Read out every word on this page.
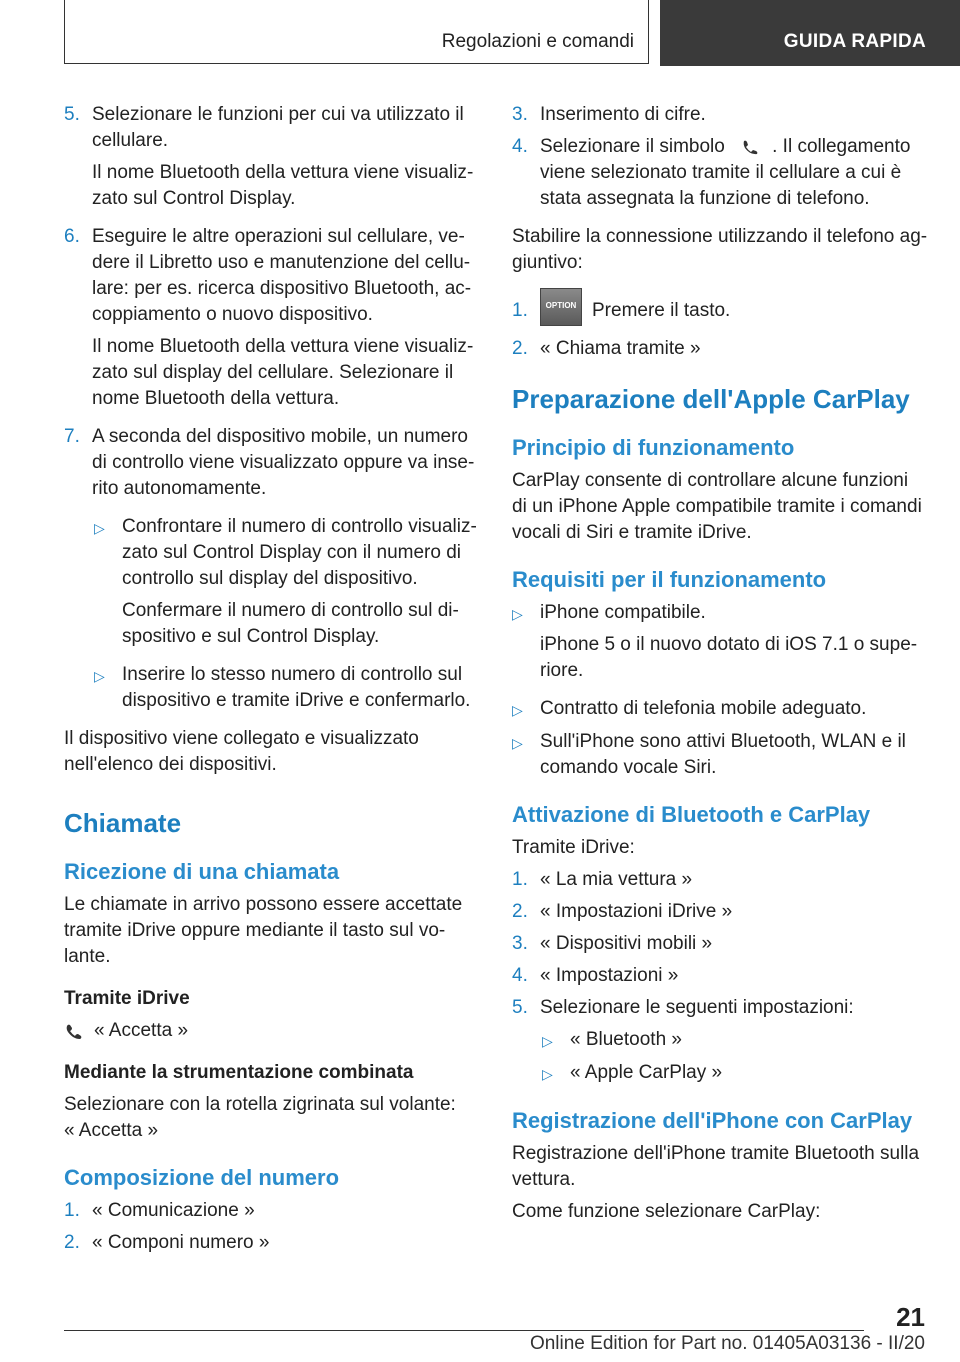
Regolazioni e comandi	GUIDA RAPIDA
5. Selezionare le funzioni per cui va utilizzato il cellulare.

Il nome Bluetooth della vettura viene visualizzato sul Control Display.

6. Eseguire le altre operazioni sul cellulare, vedere il Libretto uso e manutenzione del cellulare: per es. ricerca dispositivo Bluetooth, accoppiamento o nuovo dispositivo.

Il nome Bluetooth della vettura viene visualizzato sul display del cellulare. Selezionare il nome Bluetooth della vettura.

7. A seconda del dispositivo mobile, un numero di controllo viene visualizzato oppure va inserito autonomamente.

▷ Confrontare il numero di controllo visualizzato sul Control Display con il numero di controllo sul display del dispositivo.

Confermare il numero di controllo sul dispositivo e sul Control Display.

▷ Inserire lo stesso numero di controllo sul dispositivo e tramite iDrive e confermarlo.

Il dispositivo viene collegato e visualizzato nell'elenco dei dispositivi.

Chiamate
Ricezione di una chiamata

Le chiamate in arrivo possono essere accettate tramite iDrive oppure mediante il tasto sul volante.

Tramite iDrive

« Accetta »

Mediante la strumentazione combinata

Selezionare con la rotella zigrinata sul volante:
« Accetta »

Composizione del numero
1. « Comunicazione »
2. « Componi numero »
3. Inserimento di cifre.
4. Selezionare il simbolo . Il collegamento viene selezionato tramite il cellulare a cui è stata assegnata la funzione di telefono.

Stabilire la connessione utilizzando il telefono aggiuntivo:

1.	OPTION Premere il tasto.
2. « Chiama tramite »
Preparazione dell'Apple CarPlay
Principio di funzionamento

CarPlay consente di controllare alcune funzioni di un iPhone Apple compatibile tramite i comandi vocali di Siri e tramite iDrive.

Requisiti per il funzionamento
▷ iPhone compatibile.

iPhone 5 o il nuovo dotato di iOS 7.1 o superiore.

▷ Contratto di telefonia mobile adeguato.
▷ Sull'iPhone sono attivi Bluetooth, WLAN e il comando vocale Siri.
Attivazione di Bluetooth e CarPlay

Tramite iDrive:

1. « La mia vettura »
2. « Impostazioni iDrive »
3. « Dispositivi mobili »
4. « Impostazioni »
5. Selezionare le seguenti impostazioni:
▷ « Bluetooth »
▷ « Apple CarPlay »
Registrazione dell'iPhone con CarPlay

Registrazione dell'iPhone tramite Bluetooth sulla vettura.

Come funzione selezionare CarPlay:

21
Online Edition for Part no. 01405A03136 - II/20
